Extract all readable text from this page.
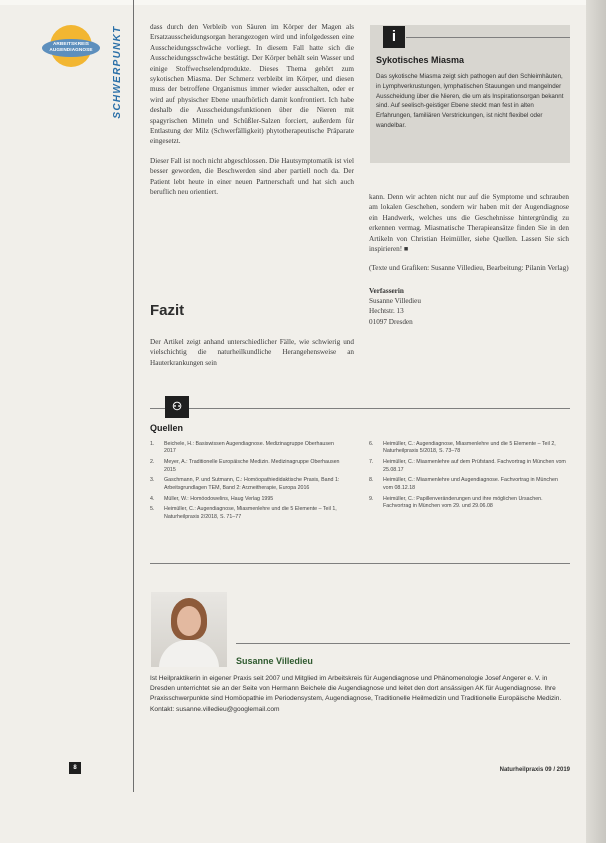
ARBEITSKREIS
AUGENDIAGNOSE	SCHWERPUNKT	dass durch den Verbleib von Säuren im Körper der Magen als Ersatzausscheidungsorgan herangezogen wird und infolgedessen eine Ausscheidungsschwäche vorliegt. In diesem Fall hatte sich die Ausscheidungsschwäche bestätigt. Der Körper behält sein Wasser und einige Stoffwechselendprodukte. Dieses Thema gehört zum sykotischen Miasma. Der Schmerz verbleibt im Körper, und diesen muss der betroffene Organismus immer wieder ausschalten, oder er wird auf physischer Ebene unaufhörlich damit konfrontiert. Ich habe deshalb die Ausscheidungsfunktionen über die Nieren mit spagyrischen Mitteln und Schüßler-Salzen forciert, außerdem für Entlastung der Milz (Schwerfälligkeit) phytotherapeutische Präparate eingesetzt.

Dieser Fall ist noch nicht abgeschlossen. Die Hautsymptomatik ist viel besser geworden, die Beschwerden sind aber partiell noch da. Der Patient lebt heute in einer neuen Partnerschaft und hat sich auch beruflich neu orientiert.

Fazit

Der Artikel zeigt anhand unterschiedlicher Fälle, wie schwierig und vielschichtig die naturheilkundliche Herangehensweise an Hauterkrankungen sein

i
Sykotisches Miasma

Das sykotische Miasma zeigt sich pathogen auf den Schleimhäuten, in Lymphverkrustungen, lymphatischen Stauungen und mangelnder Ausscheidung über die Nieren, die um als Inspirationsorgan bekannt sind. Auf seelisch-geistiger Ebene steckt man fest in alten Erfahrungen, familiären Verstrickungen, ist nicht flexibel oder wandelbar.

kann. Denn wir achten nicht nur auf die Symptome und schrauben am lokalen Geschehen, sondern wir haben mit der Augendiagnose ein Handwerk, welches uns die Geschehnisse hintergründig zu erkennen vermag. Miasmatische Therapieansätze finden Sie in den Artikeln von Christian Heimüller, siehe Quellen. Lassen Sie sich inspirieren! ■

(Texte und Grafiken: Susanne Villedieu, Bearbeitung: Pilanin Verlag)

Verfasserin

Susanne Villedieu
Hechtstr. 13
01097 Dresden
⚇
Quellen
1. Beichele, H.: Basiswissen Augendiagnose. Medizinagruppe Oberhausen 2017
2. Meyer, A.: Traditionelle Europäische Medizin. Medizinagruppe Oberhausen 2015
3. Gaschmann, P. und Sutmann, C.: Homöopathiedidaktische Praxis, Band 1: Arbeitsgrundlagen TEM, Band 2: Arzneitherapie, Europa 2016
4. Müller, W.: Homöodowelins, Haug Verlag 1995
5. Heimüller, C.: Augendiagnose, Miasmenlehre und die 5 Elemente – Teil 1, Naturheilpraxis 2/2018, S. 71–77
6. Heimüller, C.: Augendiagnose, Miasmenlehre und die 5 Elemente – Teil 2, Naturheilpraxis 5/2018, S. 73–78
7. Heimüller, C.: Miasmenlehre auf dem Prüfstand. Fachvortrag in München vom 25.08.17
8. Heimüller, C.: Miasmenlehre und Augendiagnose. Fachvortrag in München vom 08.12.18
9. Heimüller, C.: Papillenveränderungen und ihre möglichen Ursachen. Fachvortrag in München vom 29. und 29.06.08
Susanne Villedieu
Ist Heilpraktikerin in eigener Praxis seit 2007 und Mitglied im Arbeitskreis für Augendiagnose und Phänomenologie Josef Angerer e. V. in Dresden unterrichtet sie an der Seite von Hermann Beichele die Augendiagnose und leitet den dort ansässigen AK für Augendiagnose. Ihre Praxisschwerpunkte sind Homöopathie im Periodensystem, Augendiagnose, Traditionelle Heilmedizin und Traditionelle Europäische Medizin.
Kontakt: susanne.villedieu@googlemail.com
8	Naturheilpraxis 09 / 2019
